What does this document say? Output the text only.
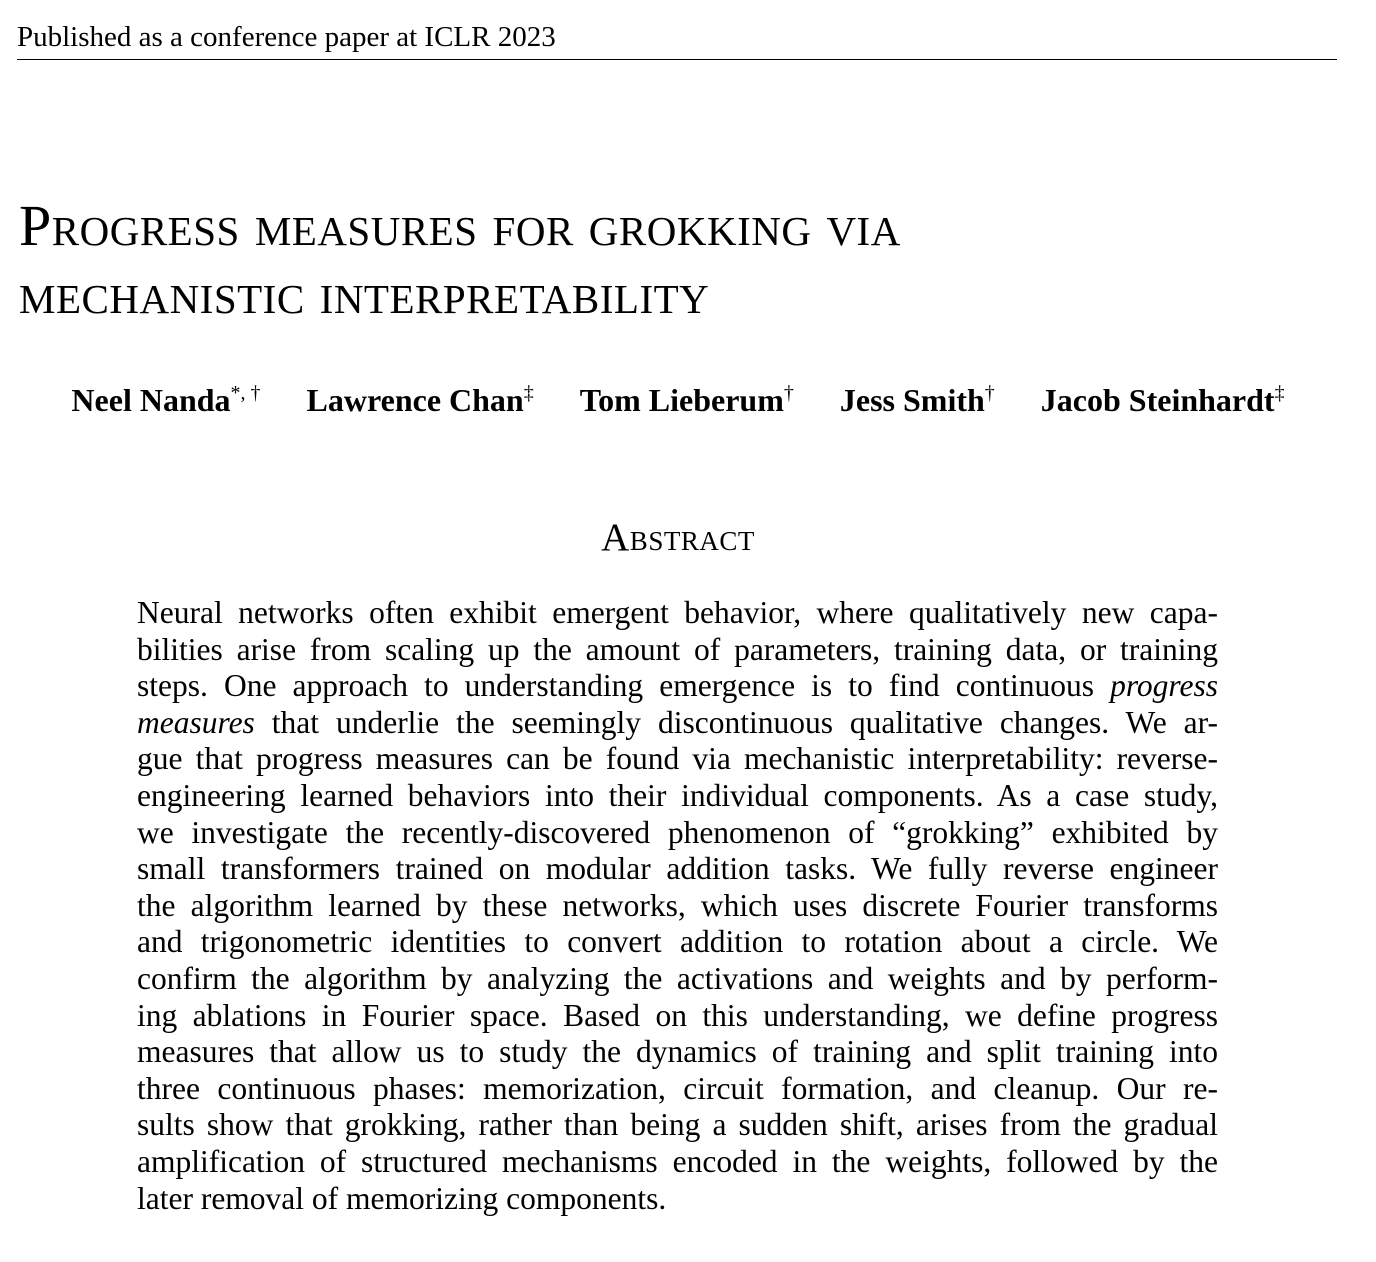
Published as a conference paper at ICLR 2023
Progress measures for grokking via
mechanistic interpretability
Neel Nanda*, † Lawrence Chan‡ Tom Lieberum† Jess Smith† Jacob Steinhardt‡
Abstract
Neural networks often exhibit emergent behavior, where qualitatively new capa-
bilities arise from scaling up the amount of parameters, training data, or training
steps. One approach to understanding emergence is to find continuous progress
measures that underlie the seemingly discontinuous qualitative changes. We ar-
gue that progress measures can be found via mechanistic interpretability: reverse-
engineering learned behaviors into their individual components. As a case study,
we investigate the recently-discovered phenomenon of “grokking” exhibited by
small transformers trained on modular addition tasks. We fully reverse engineer
the algorithm learned by these networks, which uses discrete Fourier transforms
and trigonometric identities to convert addition to rotation about a circle. We
confirm the algorithm by analyzing the activations and weights and by perform-
ing ablations in Fourier space. Based on this understanding, we define progress
measures that allow us to study the dynamics of training and split training into
three continuous phases: memorization, circuit formation, and cleanup. Our re-
sults show that grokking, rather than being a sudden shift, arises from the gradual
amplification of structured mechanisms encoded in the weights, followed by the
later removal of memorizing components.
